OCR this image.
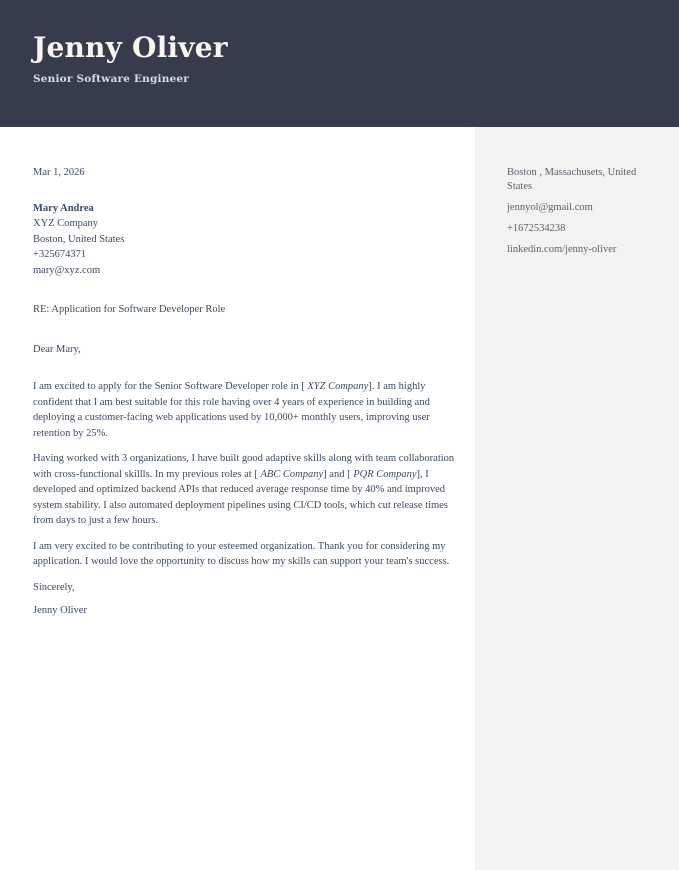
Jenny Oliver
Senior Software Engineer
Boston , Massachusets, United States
jennyol@gmail.com
+1672534238
linkedin.com/jenny-oliver
Mar 1, 2026
Mary Andrea
XYZ Company
Boston, United States
+325674371
mary@xyz.com
RE: Application for Software Developer Role
Dear Mary,

I am excited to apply for the Senior Software Developer role in [ XYZ Company]. I am highly confident that I am best suitable for this role having over 4 years of experience in building and deploying a customer-facing web applications used by 10,000+ monthly users, improving user retention by 25%.

Having worked with 3 organizations, I have built good adaptive skills along with team collaboration with cross-functional skillls. In my previous roles at [ ABC Company] and [ PQR Company], I developed and optimized backend APIs that reduced average response time by 40% and improved system stability. I also automated deployment pipelines using CI/CD tools, which cut release times from days to just a few hours.

I am very excited to be contributing to your esteemed organization. Thank you for considering my application. I would love the opportunity to discuss how my skills can support your team's success.

Sincerely,
Jenny Oliver
